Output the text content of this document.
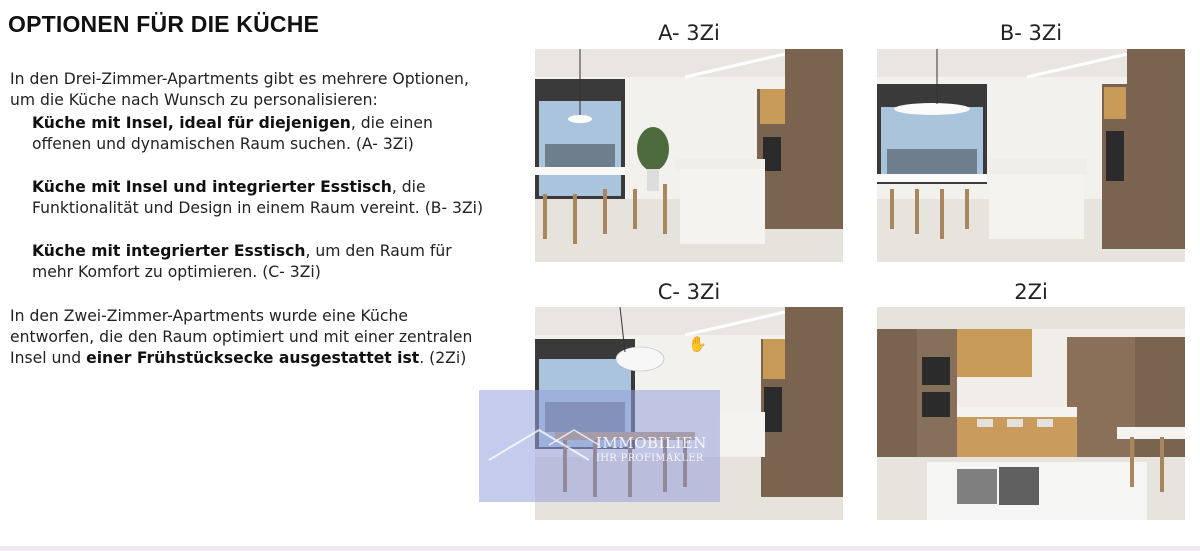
OPTIONEN FÜR DIE KÜCHE
In den Drei-Zimmer-Apartments gibt es mehrere Optionen, um die Küche nach Wunsch zu personalisieren:
Küche mit Insel, ideal für diejenigen, die einen offenen und dynamischen Raum suchen. (A- 3Zi)
Küche mit Insel und integrierter Esstisch, die Funktionalität und Design in einem Raum vereint. (B- 3Zi)
Küche mit integrierter Esstisch, um den Raum für mehr Komfort zu optimieren. (C- 3Zi)
In den Zwei-Zimmer-Apartments wurde eine Küche entworfen, die den Raum optimiert und mit einer zentralen Insel und einer Frühstücksecke ausgestattet ist. (2Zi)
A- 3Zi	B- 3Zi
C- 3Zi	2Zi
IMMOBILIEN
IHR PROFIMAKLER
✋
